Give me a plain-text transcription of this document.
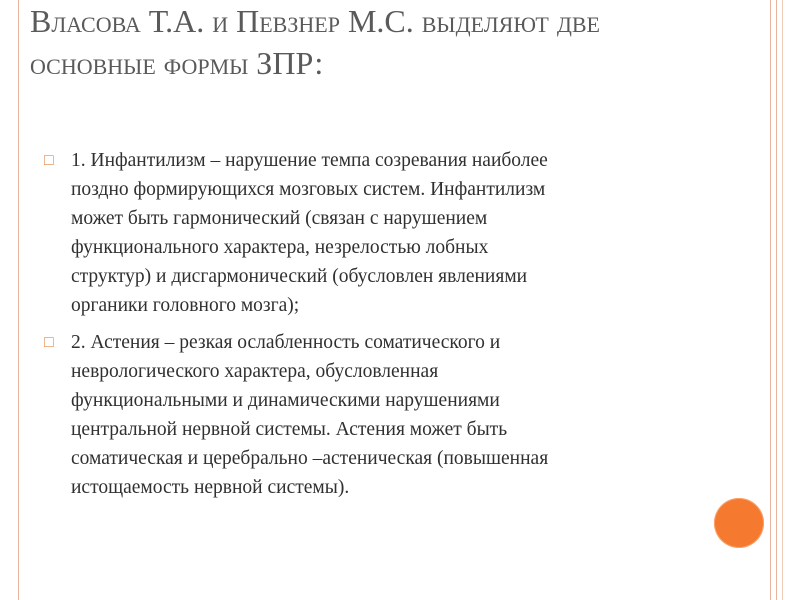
Власова Т.А. и Певзнер М.С. выделяют две
основные формы ЗПР:
□ 1. Инфантилизм – нарушение темпа созревания наиболее
поздно формирующихся мозговых систем. Инфантилизм
может быть гармонический (связан с нарушением
функционального характера, незрелостью лобных
структур) и дисгармонический (обусловлен явлениями
органики головного мозга);
□ 2. Астения – резкая ослабленность соматического и
неврологического характера, обусловленная
функциональными и динамическими нарушениями
центральной нервной системы. Астения может быть
соматическая и церебрально –астеническая (повышенная
истощаемость нервной системы).
